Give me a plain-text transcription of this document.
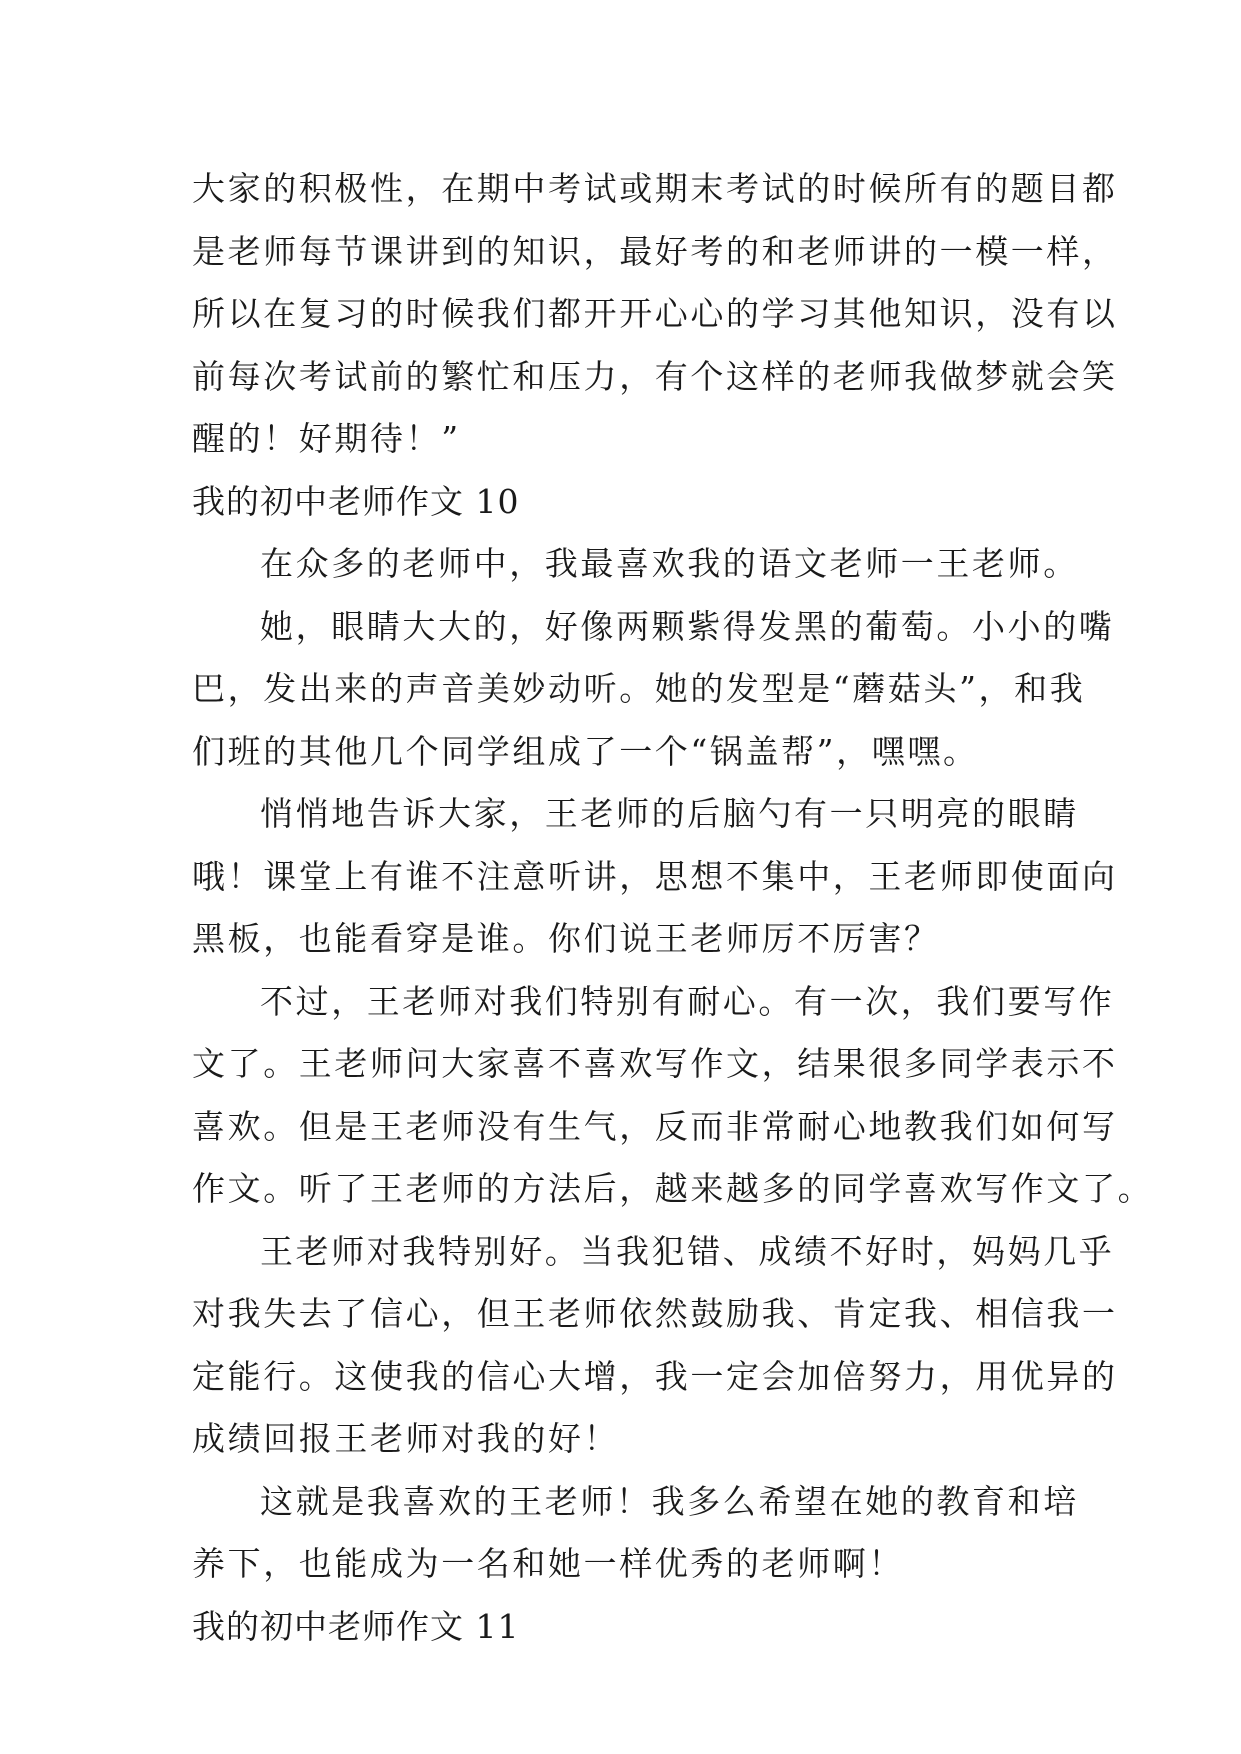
大家的积极性，在期中考试或期末考试的时候所有的题目都
是老师每节课讲到的知识，最好考的和老师讲的一模一样，
所以在复习的时候我们都开开心心的学习其他知识，没有以
前每次考试前的繁忙和压力，有个这样的老师我做梦就会笑
醒的！好期待！”
我的初中老师作文 10
在众多的老师中，我最喜欢我的语文老师一王老师。
她，眼睛大大的，好像两颗紫得发黑的葡萄。小小的嘴
巴，发出来的声音美妙动听。她的发型是“蘑菇头”，和我
们班的其他几个同学组成了一个“锅盖帮”，嘿嘿。
悄悄地告诉大家，王老师的后脑勺有一只明亮的眼睛
哦！课堂上有谁不注意听讲，思想不集中，王老师即使面向
黑板，也能看穿是谁。你们说王老师厉不厉害？
不过，王老师对我们特别有耐心。有一次，我们要写作
文了。王老师问大家喜不喜欢写作文，结果很多同学表示不
喜欢。但是王老师没有生气，反而非常耐心地教我们如何写
作文。听了王老师的方法后，越来越多的同学喜欢写作文了。
王老师对我特别好。当我犯错、成绩不好时，妈妈几乎
对我失去了信心，但王老师依然鼓励我、肯定我、相信我一
定能行。这使我的信心大增，我一定会加倍努力，用优异的
成绩回报王老师对我的好！
这就是我喜欢的王老师！我多么希望在她的教育和培
养下，也能成为一名和她一样优秀的老师啊！
我的初中老师作文 11
